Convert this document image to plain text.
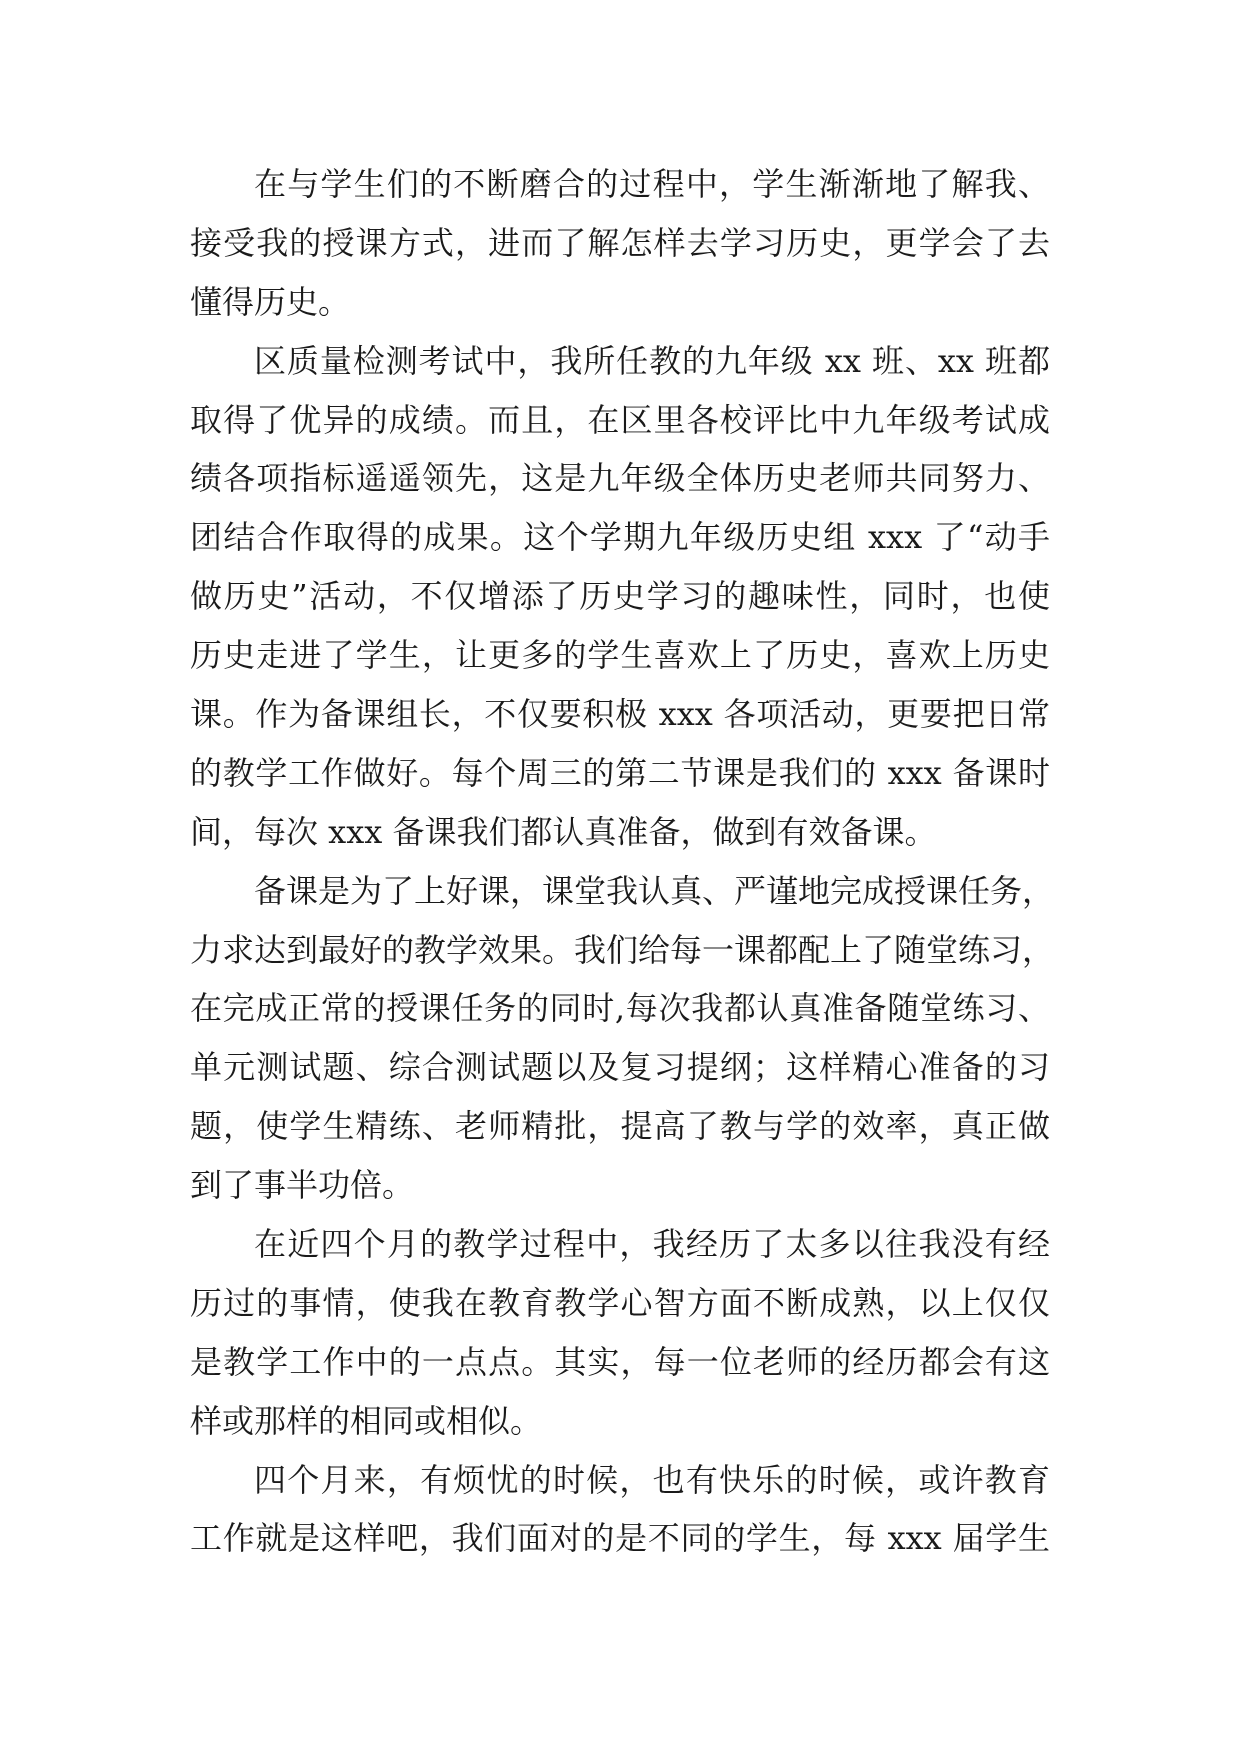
在与学生们的不断磨合的过程中，学生渐渐地了解我、
接受我的授课方式，进而了解怎样去学习历史，更学会了去
懂得历史。
区质量检测考试中，我所任教的九年级 xx 班、xx 班都
取得了优异的成绩。而且，在区里各校评比中九年级考试成
绩各项指标遥遥领先，这是九年级全体历史老师共同努力、
团结合作取得的成果。这个学期九年级历史组 xxx 了“动手
做历史”活动，不仅增添了历史学习的趣味性，同时，也使
历史走进了学生，让更多的学生喜欢上了历史，喜欢上历史
课。作为备课组长，不仅要积极 xxx 各项活动，更要把日常
的教学工作做好。每个周三的第二节课是我们的 xxx 备课时
间，每次 xxx 备课我们都认真准备，做到有效备课。
备课是为了上好课，课堂我认真、严谨地完成授课任务，
力求达到最好的教学效果。我们给每一课都配上了随堂练习，
在完成正常的授课任务的同时,每次我都认真准备随堂练习、
单元测试题、综合测试题以及复习提纲；这样精心准备的习
题，使学生精练、老师精批，提高了教与学的效率，真正做
到了事半功倍。
在近四个月的教学过程中，我经历了太多以往我没有经
历过的事情，使我在教育教学心智方面不断成熟，以上仅仅
是教学工作中的一点点。其实，每一位老师的经历都会有这
样或那样的相同或相似。
四个月来，有烦忧的时候，也有快乐的时候，或许教育
工作就是这样吧，我们面对的是不同的学生，每 xxx 届学生
